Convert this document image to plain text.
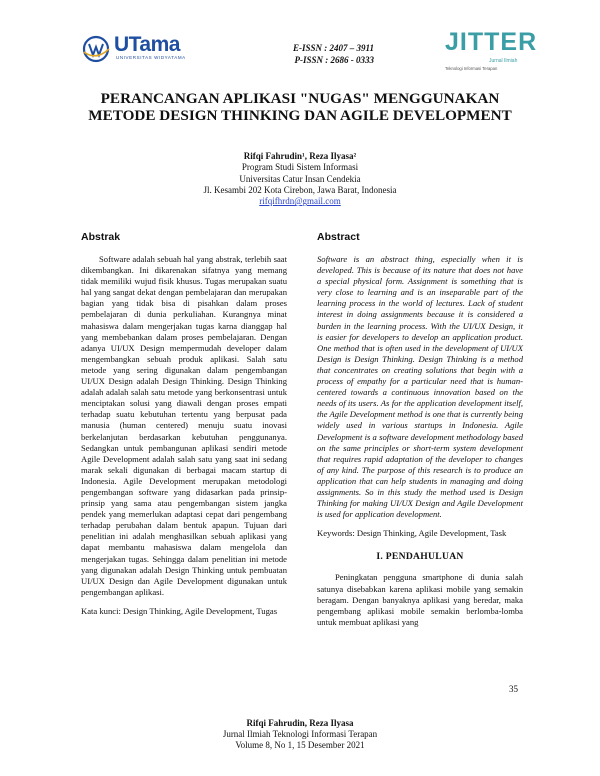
UTama
UNIVERSITAS WIDYATAMA
E-ISSN : 2407 – 3911
P-ISSN : 2686 - 0333
JITTER
Jurnal Ilmiah
Teknologi Informasi Terapan
PERANCANGAN APLIKASI "NUGAS" MENGGUNAKAN
METODE DESIGN THINKING DAN AGILE DEVELOPMENT
Rifqi Fahrudin¹, Reza Ilyasa²
Program Studi Sistem Informasi
Universitas Catur Insan Cendekia
Jl. Kesambi 202 Kota Cirebon, Jawa Barat, Indonesia
rifqifhrdn@gmail.com
Abstrak

Software adalah sebuah hal yang abstrak, terlebih saat dikembangkan. Ini dikarenakan sifatnya yang memang tidak memiliki wujud fisik khusus. Tugas merupakan suatu hal yang sangat dekat dengan pembelajaran dan merupakan bagian yang tidak bisa di pisahkan dalam proses pembelajaran di dunia perkuliahan. Kurangnya minat mahasiswa dalam mengerjakan tugas karna dianggap hal yang membebankan dalam proses pembelajaran. Dengan adanya UI/UX Design mempermudah developer dalam mengembangkan sebuah produk aplikasi. Salah satu metode yang sering digunakan dalam pengembangan UI/UX Design adalah Design Thinking. Design Thinking adalah adalah salah satu metode yang berkonsentrasi untuk menciptakan solusi yang diawali dengan proses empati terhadap suatu kebutuhan tertentu yang berpusat pada manusia (human centered) menuju suatu inovasi berkelanjutan berdasarkan kebutuhan penggunanya. Sedangkan untuk pembangunan aplikasi sendiri metode Agile Development adalah salah satu yang saat ini sedang marak sekali digunakan di berbagai macam startup di Indonesia. Agile Development merupakan metodologi pengembangan software yang didasarkan pada prinsip-prinsip yang sama atau pengembangan sistem jangka pendek yang memerlukan adaptasi cepat dari pengembang terhadap perubahan dalam bentuk apapun. Tujuan dari penelitian ini adalah menghasilkan sebuah aplikasi yang dapat membantu mahasiswa dalam mengelola dan mengerjakan tugas. Sehingga dalam penelitian ini metode yang digunakan adalah Design Thinking untuk pembuatan UI/UX Design dan Agile Development digunakan untuk pengembangan aplikasi.

Kata kunci: Design Thinking, Agile Development, Tugas

Abstract

Software is an abstract thing, especially when it is developed. This is because of its nature that does not have a special physical form. Assignment is something that is very close to learning and is an inseparable part of the learning process in the world of lectures. Lack of student interest in doing assignments because it is considered a burden in the learning process. With the UI/UX Design, it is easier for developers to develop an application product. One method that is often used in the development of UI/UX Design is Design Thinking. Design Thinking is a method that concentrates on creating solutions that begin with a process of empathy for a particular need that is human-centered towards a continuous innovation based on the needs of its users. As for the application development itself, the Agile Development method is one that is currently being widely used in various startups in Indonesia. Agile Development is a software development methodology based on the same principles or short-term system development that requires rapid adaptation of the developer to changes of any kind. The purpose of this research is to produce an application that can help students in managing and doing assignments. So in this study the method used is Design Thinking for making UI/UX Design and Agile Development is used for application development.

Keywords: Design Thinking, Agile Development, Task

I. PENDAHULUAN

Peningkatan pengguna smartphone di dunia salah satunya disebabkan karena aplikasi mobile yang semakin beragam. Dengan banyaknya aplikasi yang beredar, maka pengembang aplikasi mobile semakin berlomba-lomba untuk membuat aplikasi yang

35
Rifqi Fahrudin, Reza Ilyasa
Jurnal Ilmiah Teknologi Informasi Terapan
Volume 8, No 1, 15 Desember 2021
